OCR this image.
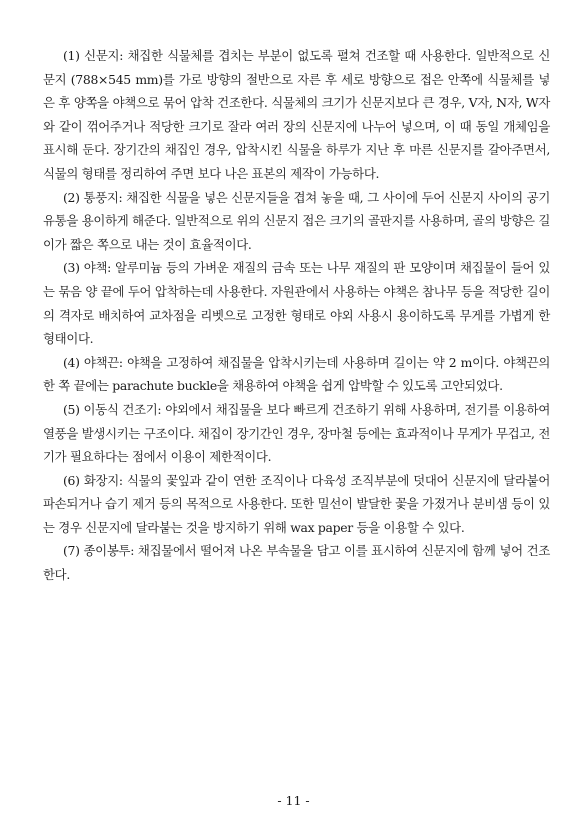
(1) 신문지: 채집한 식물체를 겹치는 부분이 없도록 펼쳐 건조할 때 사용한다. 일반적으로 신문지 (788×545 mm)를 가로 방향의 절반으로 자른 후 세로 방향으로 접은 안쪽에 식물체를 넣은 후 양쪽을 야책으로 묶어 압착 건조한다. 식물체의 크기가 신문지보다 큰 경우, V자, N자, W자와 같이 꺾어주거나 적당한 크기로 잘라 여러 장의 신문지에 나누어 넣으며, 이 때 동일 개체임을 표시해 둔다. 장기간의 채집인 경우, 압착시킨 식물을 하루가 지난 후 마른 신문지를 갈아주면서, 식물의 형태를 정리하여 주면 보다 나은 표본의 제작이 가능하다.

(2) 통풍지: 채집한 식물을 넣은 신문지들을 겹쳐 놓을 때, 그 사이에 두어 신문지 사이의 공기 유통을 용이하게 해준다. 일반적으로 위의 신문지 접은 크기의 골판지를 사용하며, 골의 방향은 길이가 짧은 쪽으로 내는 것이 효율적이다.

(3) 야책: 알루미늄 등의 가벼운 재질의 금속 또는 나무 재질의 판 모양이며 채집물이 들어 있는 묶음 양 끝에 두어 압착하는데 사용한다. 자원관에서 사용하는 야책은 참나무 등을 적당한 길이의 격자로 배치하여 교차점을 리벳으로 고정한 형태로 야외 사용시 용이하도록 무게를 가볍게 한 형태이다.

(4) 야책끈: 야책을 고정하여 채집물을 압착시키는데 사용하며 길이는 약 2 m이다. 야책끈의 한 쪽 끝에는 parachute buckle을 채용하여 야책을 쉽게 압박할 수 있도록 고안되었다.

(5) 이동식 건조기: 야외에서 채집물을 보다 빠르게 건조하기 위해 사용하며, 전기를 이용하여 열풍을 발생시키는 구조이다. 채집이 장기간인 경우, 장마철 등에는 효과적이나 무게가 무겁고, 전기가 필요하다는 점에서 이용이 제한적이다.

(6) 화장지: 식물의 꽃잎과 같이 연한 조직이나 다육성 조직부분에 덧대어 신문지에 달라붙어 파손되거나 습기 제거 등의 목적으로 사용한다. 또한 밀선이 발달한 꽃을 가졌거나 분비샘 등이 있는 경우 신문지에 달라붙는 것을 방지하기 위해 wax paper 등을 이용할 수 있다.

(7) 종이봉투: 채집물에서 떨어져 나온 부속물을 담고 이를 표시하여 신문지에 함께 넣어 건조한다.

- 11 -
